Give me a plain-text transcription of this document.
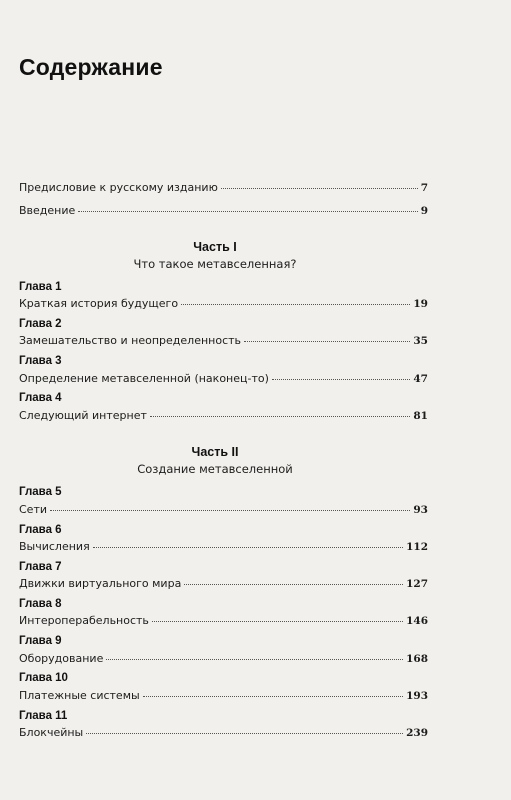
Содержание
Предисловие к русскому изданию	7
Введение	9
Часть I
Что такое метавселенная?
Глава 1
Краткая история будущего	19
Глава 2
Замешательство и неопределенность	35
Глава 3
Определение метавселенной (наконец-то)	47
Глава 4
Следующий интернет	81
Часть II
Создание метавселенной
Глава 5
Сети	93
Глава 6
Вычисления	112
Глава 7
Движки виртуального мира	127
Глава 8
Интероперабельность	146
Глава 9
Оборудование	168
Глава 10
Платежные системы	193
Глава 11
Блокчейны	239
